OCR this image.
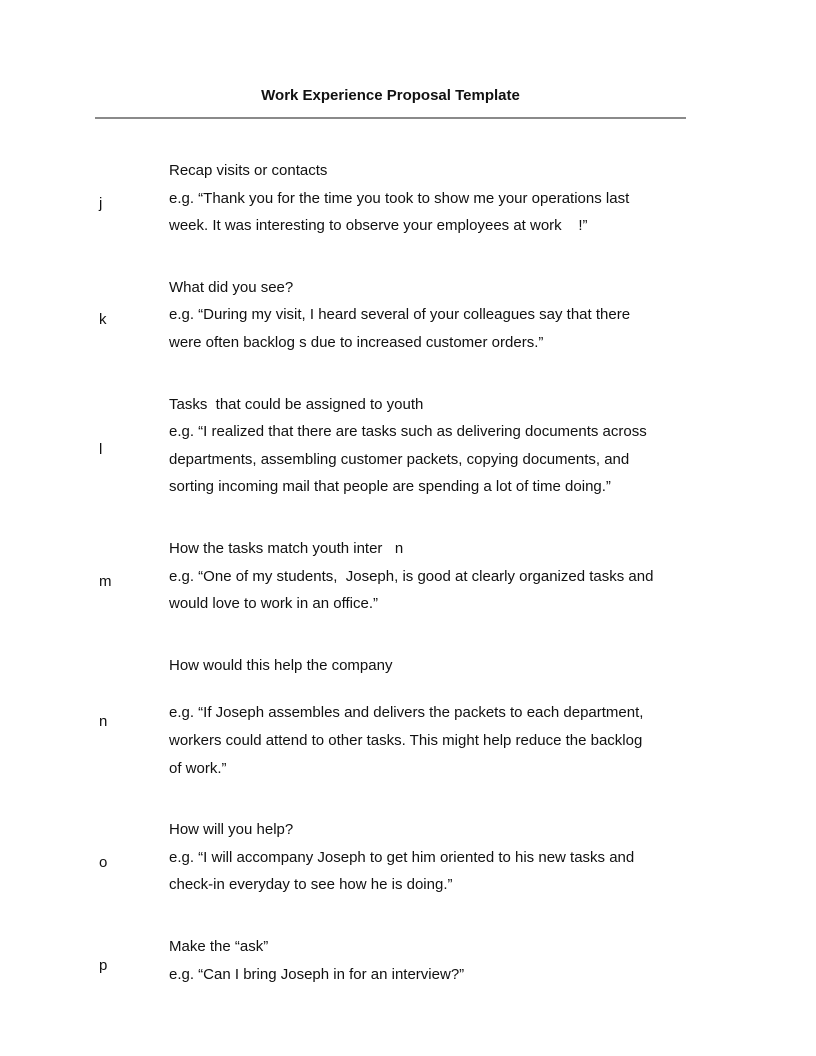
Work Experience Proposal Template
j
Recap visits or contacts
e.g. “Thank you for the time you took to show me your operations last
week. It was interesting to observe your employees at work    !”
k
What did you see?
e.g. “During my visit, I heard several of your colleagues say that there
were often backlog s due to increased customer orders.”
l
Tasks  that could be assigned to youth
e.g. “I realized that there are tasks such as delivering documents across
departments, assembling customer packets, copying documents, and
sorting incoming mail that people are spending a lot of time doing.”
m
How the tasks match youth inter   n
e.g. “One of my students,  Joseph, is good at clearly organized tasks and
would love to work in an office.”
n
How would this help the company
e.g. “If Joseph assembles and delivers the packets to each department,
workers could attend to other tasks. This might help reduce the backlog
of work.”
o
How will you help?
e.g. “I will accompany Joseph to get him oriented to his new tasks and
check-in everyday to see how he is doing.”
p
Make the “ask”
e.g. “Can I bring Joseph in for an interview?”
